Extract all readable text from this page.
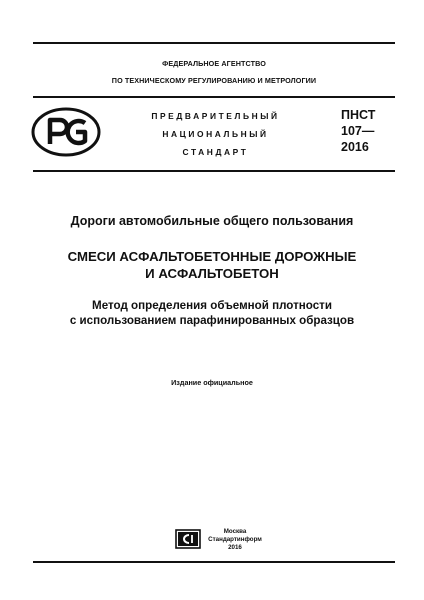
ФЕДЕРАЛЬНОЕ АГЕНТСТВО
ПО ТЕХНИЧЕСКОМУ РЕГУЛИРОВАНИЮ И МЕТРОЛОГИИ
ПРЕДВАРИТЕЛЬНЫЙ
НАЦИОНАЛЬНЫЙ
СТАНДАРТ
ПНСТ
107—
2016
Дороги автомобильные общего пользования
СМЕСИ АСФАЛЬТОБЕТОННЫЕ ДОРОЖНЫЕ
И АСФАЛЬТОБЕТОН
Метод определения объемной плотности
с использованием парафинированных образцов
Издание официальное
Москва
Стандартинформ
2016
